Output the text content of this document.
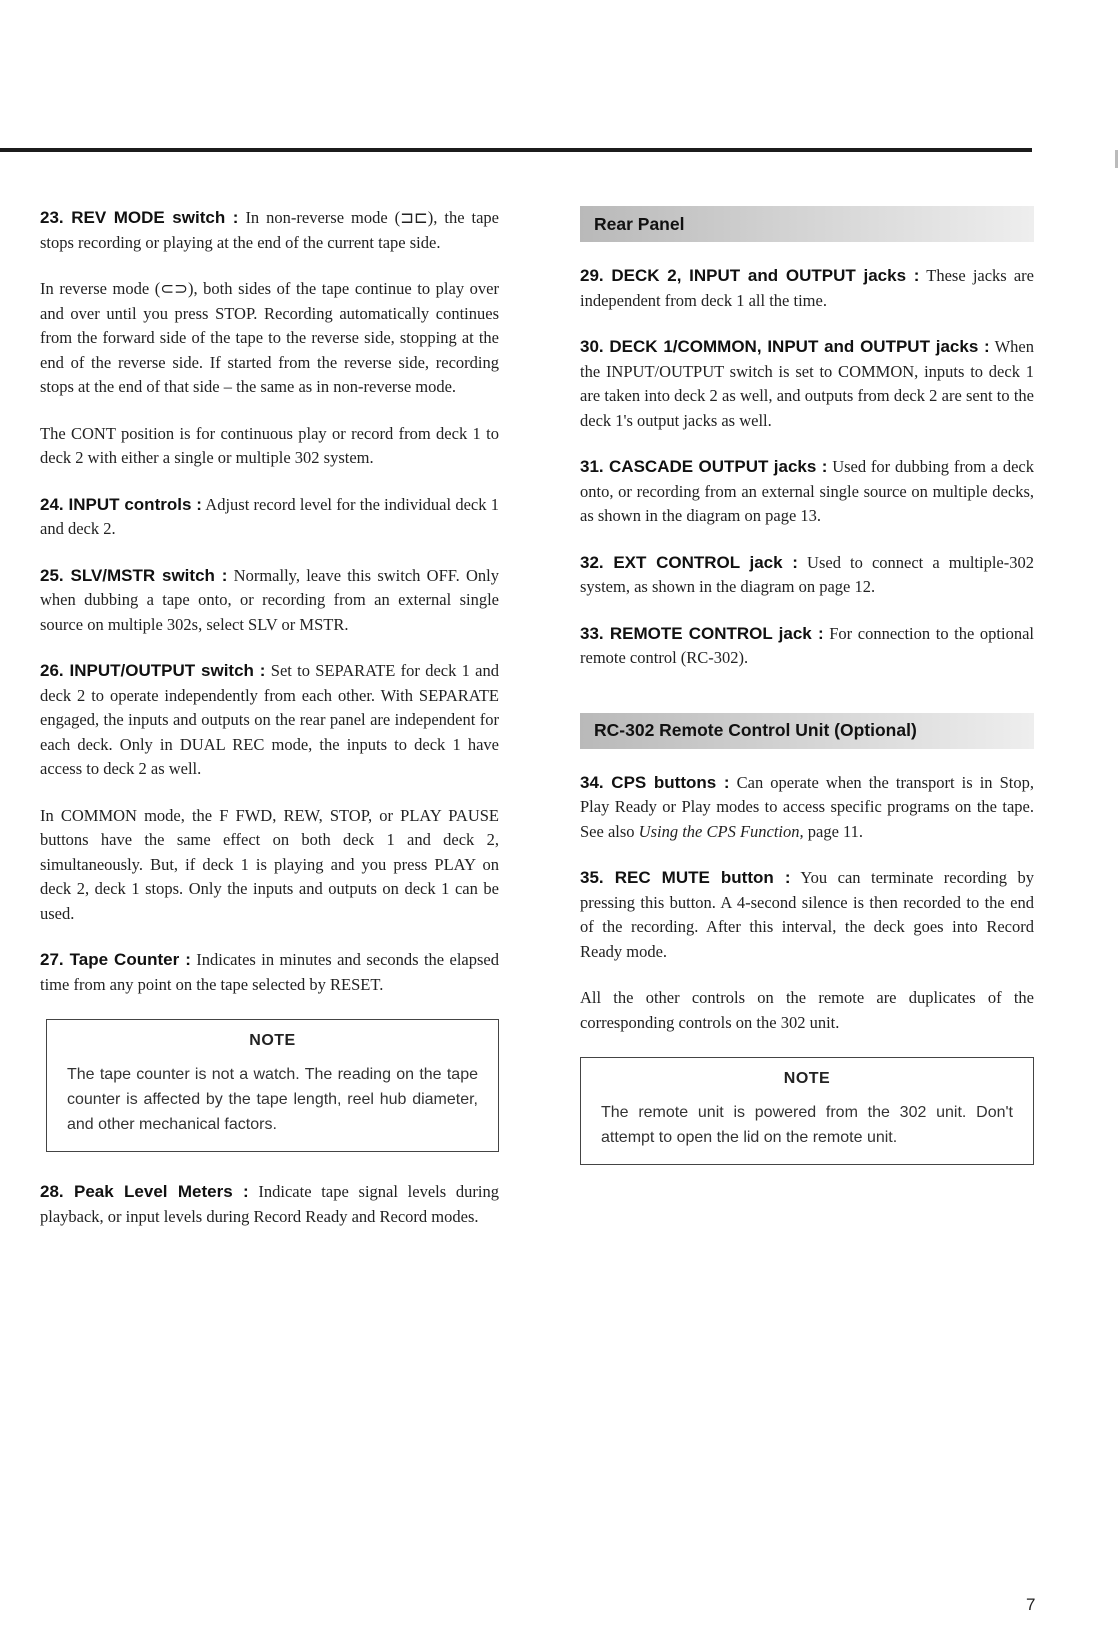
23. REV MODE switch : In non-reverse mode (⊐⊏), the tape stops recording or playing at the end of the current tape side.

In reverse mode (⊂⊃), both sides of the tape continue to play over and over until you press STOP. Recording automatically continues from the forward side of the tape to the reverse side, stopping at the end of the reverse side. If started from the reverse side, recording stops at the end of that side – the same as in non-reverse mode.
The CONT position is for continuous play or record from deck 1 to deck 2 with either a single or multiple 302 system.

24. INPUT controls : Adjust record level for the individual deck 1 and deck 2.

25. SLV/MSTR switch : Normally, leave this switch OFF. Only when dubbing a tape onto, or recording from an external single source on multiple 302s, select SLV or MSTR.

26. INPUT/OUTPUT switch : Set to SEPARATE for deck 1 and deck 2 to operate independently from each other. With SEPARATE engaged, the inputs and outputs on the rear panel are independent for each deck. Only in DUAL REC mode, the inputs to deck 1 have access to deck 2 as well.

In COMMON mode, the F FWD, REW, STOP, or PLAY PAUSE buttons have the same effect on both deck 1 and deck 2, simultaneously. But, if deck 1 is playing and you press PLAY on deck 2, deck 1 stops. Only the inputs and outputs on deck 1 can be used.

27. Tape Counter : Indicates in minutes and seconds the elapsed time from any point on the tape selected by RESET.

NOTE
The tape counter is not a watch. The reading on the tape counter is affected by the tape length, reel hub diameter, and other mechanical factors.

28. Peak Level Meters : Indicate tape signal levels during playback, or input levels during Record Ready and Record modes.

Rear Panel

29. DECK 2, INPUT and OUTPUT jacks : These jacks are independent from deck 1 all the time.

30. DECK 1/COMMON, INPUT and OUTPUT jacks : When the INPUT/OUTPUT switch is set to COMMON, inputs to deck 1 are taken into deck 2 as well, and outputs from deck 2 are sent to the deck 1's output jacks as well.

31. CASCADE OUTPUT jacks : Used for dubbing from a deck onto, or recording from an external single source on multiple decks, as shown in the diagram on page 13.

32. EXT CONTROL jack : Used to connect a multiple-302 system, as shown in the diagram on page 12.

33. REMOTE CONTROL jack : For connection to the optional remote control (RC-302).

RC-302 Remote Control Unit (Optional)

34. CPS buttons : Can operate when the transport is in Stop, Play Ready or Play modes to access specific programs on the tape. See also Using the CPS Function, page 11.

35. REC MUTE button : You can terminate recording by pressing this button. A 4-second silence is then recorded to the end of the recording. After this interval, the deck goes into Record Ready mode.

All the other controls on the remote are duplicates of the corresponding controls on the 302 unit.
NOTE
The remote unit is powered from the 302 unit. Don't attempt to open the lid on the remote unit.
7
